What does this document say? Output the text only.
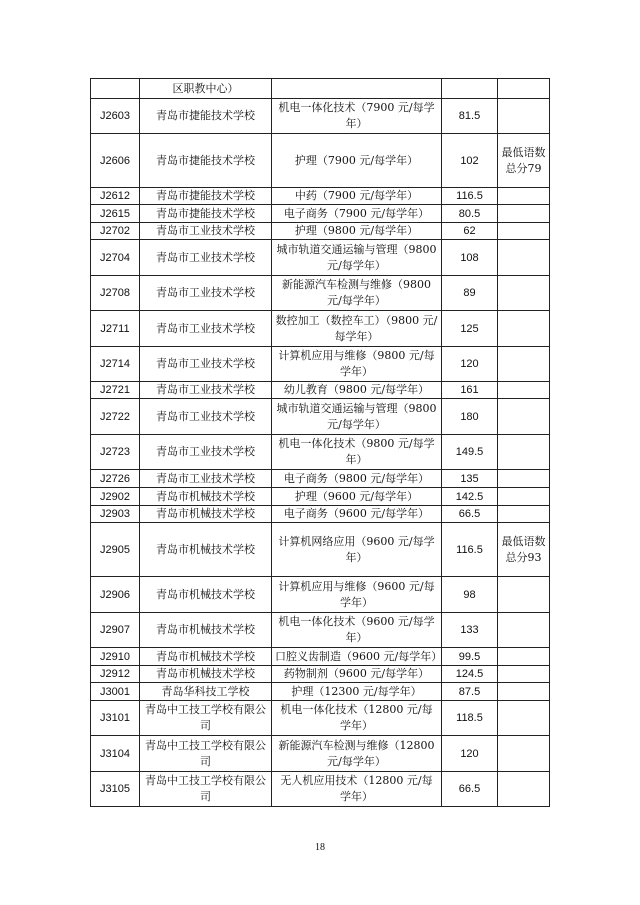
	区职教中心）			
J2603	青岛市捷能技术学校	机电一体化技术（7900 元/每学年）	81.5	
J2606	青岛市捷能技术学校	护理（7900 元/每学年）	102	最低语数总分79
J2612	青岛市捷能技术学校	中药（7900 元/每学年）	116.5	
J2615	青岛市捷能技术学校	电子商务（7900 元/每学年）	80.5	
J2702	青岛市工业技术学校	护理（9800 元/每学年）	62	
J2704	青岛市工业技术学校	城市轨道交通运输与管理（9800 元/每学年）	108	
J2708	青岛市工业技术学校	新能源汽车检测与维修（9800 元/每学年）	89	
J2711	青岛市工业技术学校	数控加工（数控车工）（9800 元/每学年）	125	
J2714	青岛市工业技术学校	计算机应用与维修（9800 元/每学年）	120	
J2721	青岛市工业技术学校	幼儿教育（9800 元/每学年）	161	
J2722	青岛市工业技术学校	城市轨道交通运输与管理（9800 元/每学年）	180	
J2723	青岛市工业技术学校	机电一体化技术（9800 元/每学年）	149.5	
J2726	青岛市工业技术学校	电子商务（9800 元/每学年）	135	
J2902	青岛市机械技术学校	护理（9600 元/每学年）	142.5	
J2903	青岛市机械技术学校	电子商务（9600 元/每学年）	66.5	
J2905	青岛市机械技术学校	计算机网络应用（9600 元/每学年）	116.5	最低语数总分93
J2906	青岛市机械技术学校	计算机应用与维修（9600 元/每学年）	98	
J2907	青岛市机械技术学校	机电一体化技术（9600 元/每学年）	133	
J2910	青岛市机械技术学校	口腔义齿制造（9600 元/每学年）	99.5	
J2912	青岛市机械技术学校	药物制剂（9600 元/每学年）	124.5	
J3001	青岛华科技工学校	护理（12300 元/每学年）	87.5	
J3101	青岛中工技工学校有限公司	机电一体化技术（12800 元/每学年）	118.5	
J3104	青岛中工技工学校有限公司	新能源汽车检测与维修（12800 元/每学年）	120	
J3105	青岛中工技工学校有限公司	无人机应用技术（12800 元/每学年）	66.5	
18
